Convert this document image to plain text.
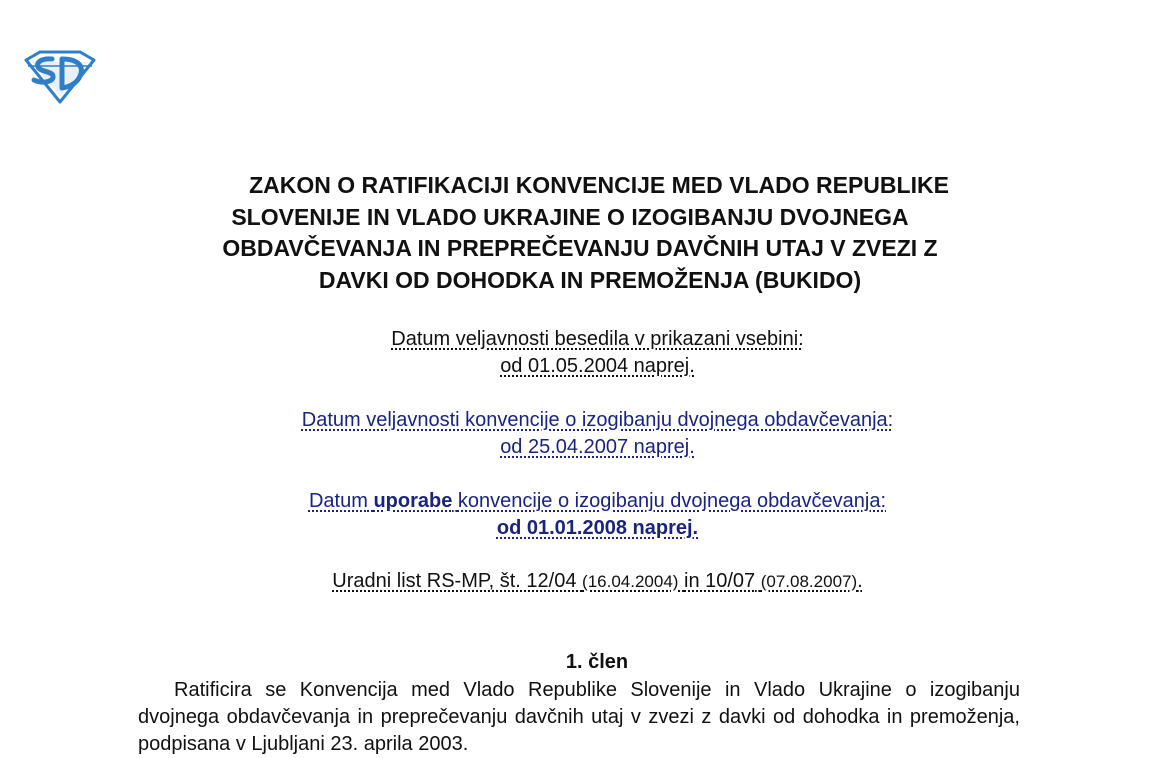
ZAKON O RATIFIKACIJI KONVENCIJE MED VLADO REPUBLIKE
SLOVENIJE IN VLADO UKRAJINE O IZOGIBANJU DVOJNEGA
OBDAVČEVANJA IN PREPREČEVANJU DAVČNIH UTAJ V ZVEZI Z
DAVKI OD DOHODKA IN PREMOŽENJA (BUKIDO)
Datum veljavnosti besedila v prikazani vsebini:
od 01.05.2004 naprej.
Datum veljavnosti konvencije o izogibanju dvojnega obdavčevanja:
od 25.04.2007 naprej.
Datum uporabe konvencije o izogibanju dvojnega obdavčevanja:
od 01.01.2008 naprej.
Uradni list RS-MP, št. 12/04 (16.04.2004) in 10/07 (07.08.2007).
1. člen
Ratificira se Konvencija med Vlado Republike Slovenije in Vlado Ukrajine o izogibanju dvojnega obdavčevanja in preprečevanju davčnih utaj v zvezi z davki od dohodka in premoženja, podpisana v Ljubljani 23. aprila 2003.
